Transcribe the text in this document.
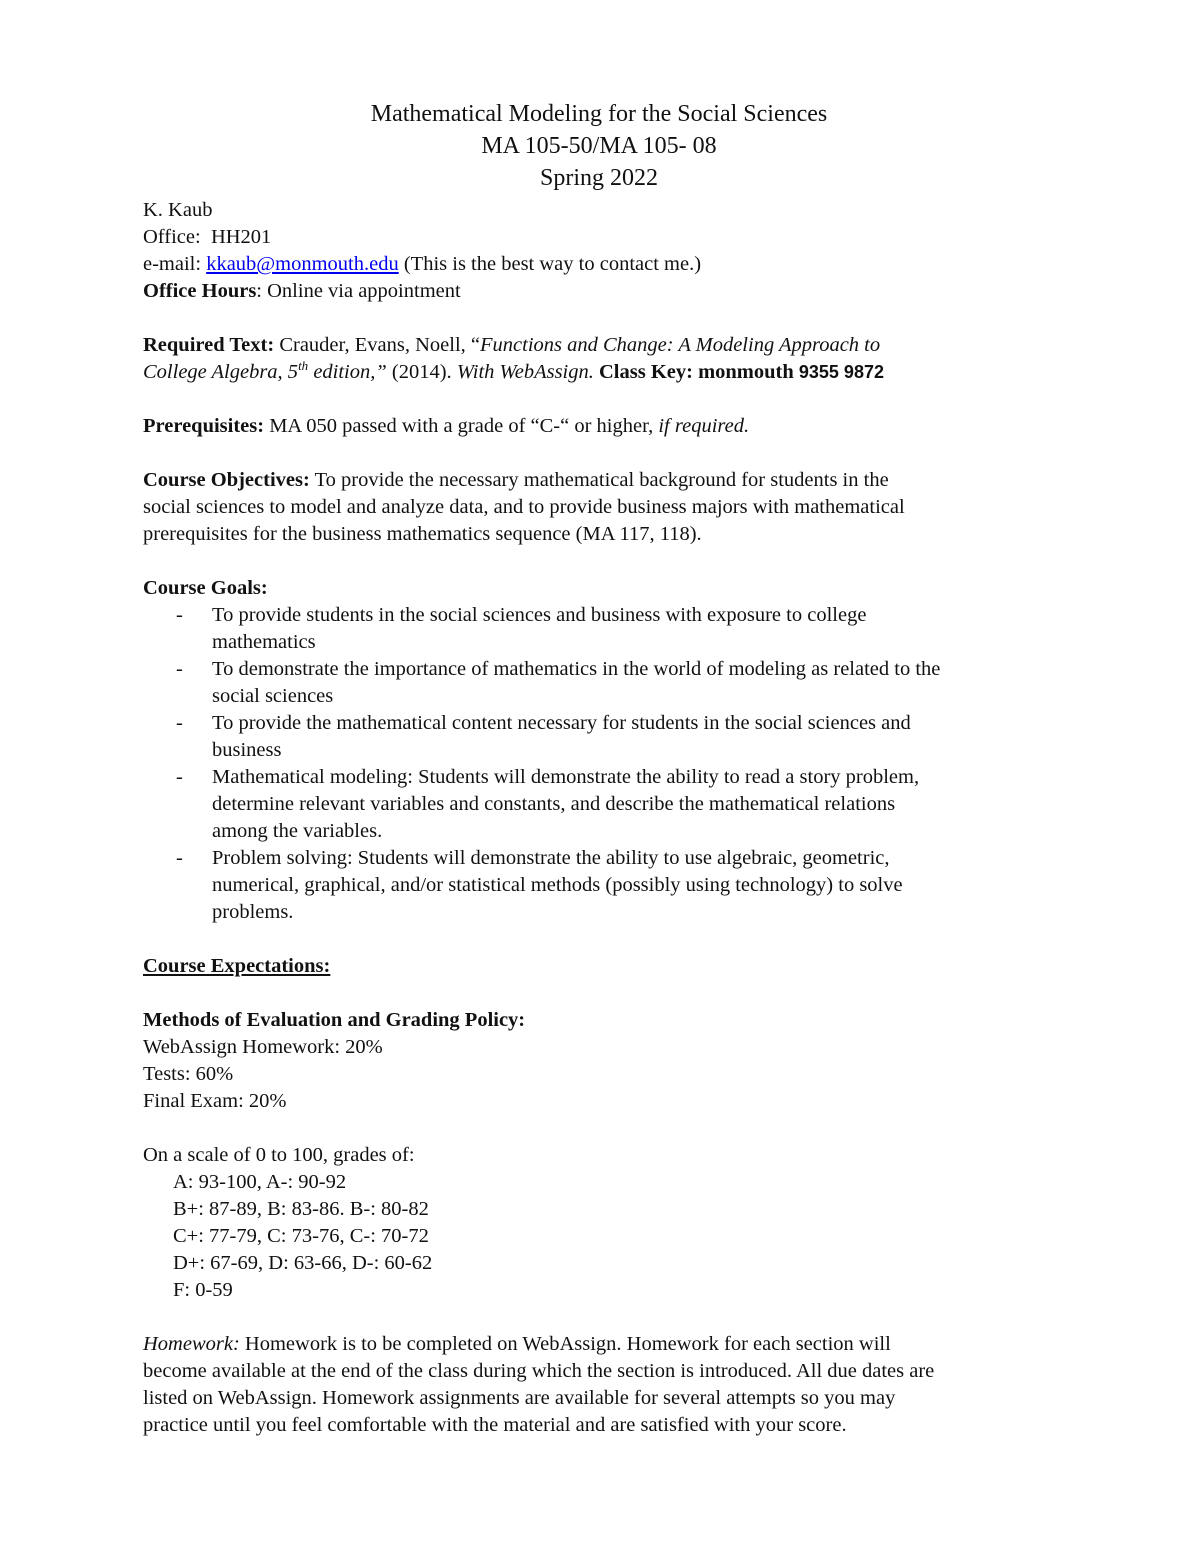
Mathematical Modeling for the Social Sciences
MA 105-50/MA 105- 08
Spring 2022

K. Kaub

Office: HH201

e-mail: kkaub@monmouth.edu (This is the best way to contact me.)

Office Hours: Online via appointment

Required Text: Crauder, Evans, Noell, “Functions and Change: A Modeling Approach to

College Algebra, 5th edition,” (2014). With WebAssign. Class Key: monmouth 9355 9872

Prerequisites: MA 050 passed with a grade of “C-“ or higher, if required.

Course Objectives: To provide the necessary mathematical background for students in the

social sciences to model and analyze data, and to provide business majors with mathematical

prerequisites for the business mathematics sequence (MA 117, 118).

Course Goals:

- To provide students in the social sciences and business with exposure to college
mathematics
- To demonstrate the importance of mathematics in the world of modeling as related to the
social sciences
- To provide the mathematical content necessary for students in the social sciences and
business
- Mathematical modeling: Students will demonstrate the ability to read a story problem,
determine relevant variables and constants, and describe the mathematical relations
among the variables.
- Problem solving: Students will demonstrate the ability to use algebraic, geometric,
numerical, graphical, and/or statistical methods (possibly using technology) to solve
problems.

Course Expectations:

Methods of Evaluation and Grading Policy:

WebAssign Homework: 20%

Tests: 60%

Final Exam: 20%

On a scale of 0 to 100, grades of:

A: 93-100, A-: 90-92

B+: 87-89, B: 83-86. B-: 80-82

C+: 77-79, C: 73-76, C-: 70-72

D+: 67-69, D: 63-66, D-: 60-62

F: 0-59

Homework: Homework is to be completed on WebAssign. Homework for each section will

become available at the end of the class during which the section is introduced. All due dates are

listed on WebAssign. Homework assignments are available for several attempts so you may

practice until you feel comfortable with the material and are satisfied with your score.
